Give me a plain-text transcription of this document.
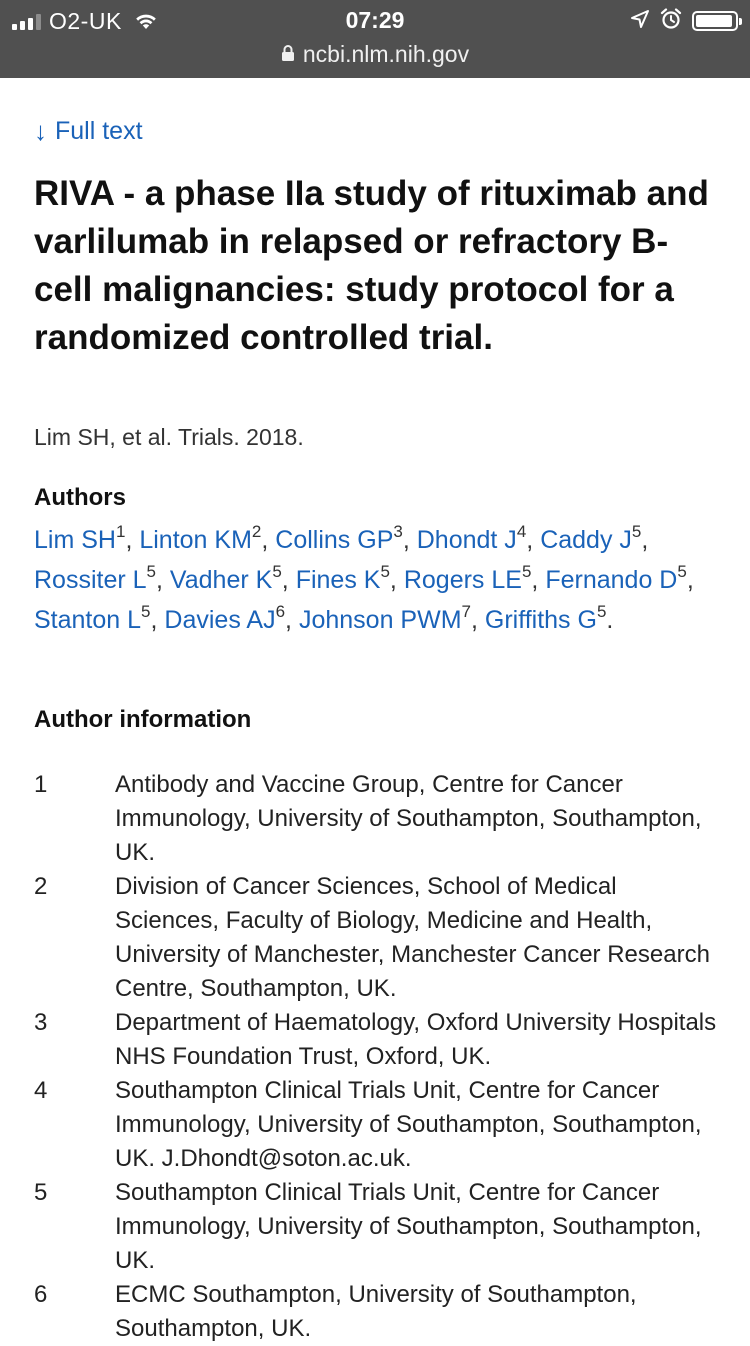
O2-UK	07:29
ncbi.nlm.nih.gov
↓ Full text
RIVA - a phase IIa study of rituximab and varlilumab in relapsed or refractory B-cell malignancies: study protocol for a randomized controlled trial.
Lim SH, et al. Trials. 2018.
Authors
Lim $SH^1$, Linton $KM^2$, Collins $GP^3$, Dhondt $J^4$, Caddy $J^5$, Rossiter $L^5$, Vadher $K^5$, Fines $K^5$, Rogers $LE^5$, Fernando $D^5$, Stanton $L^5$, Davies $AJ^6$, Johnson PWM$^7$, Griffiths $G^5$.
Author information
1	Antibody and Vaccine Group, Centre for Cancer Immunology, University of Southampton, Southampton, UK.
2	Division of Cancer Sciences, School of Medical Sciences, Faculty of Biology, Medicine and Health, University of Manchester, Manchester Cancer Research Centre, Southampton, UK.
3	Department of Haematology, Oxford University Hospitals NHS Foundation Trust, Oxford, UK.
4	Southampton Clinical Trials Unit, Centre for Cancer Immunology, University of Southampton, Southampton, UK. J.Dhondt@soton.ac.uk.
5	Southampton Clinical Trials Unit, Centre for Cancer Immunology, University of Southampton, Southampton, UK.
6	ECMC Southampton, University of Southampton, Southampton, UK.
